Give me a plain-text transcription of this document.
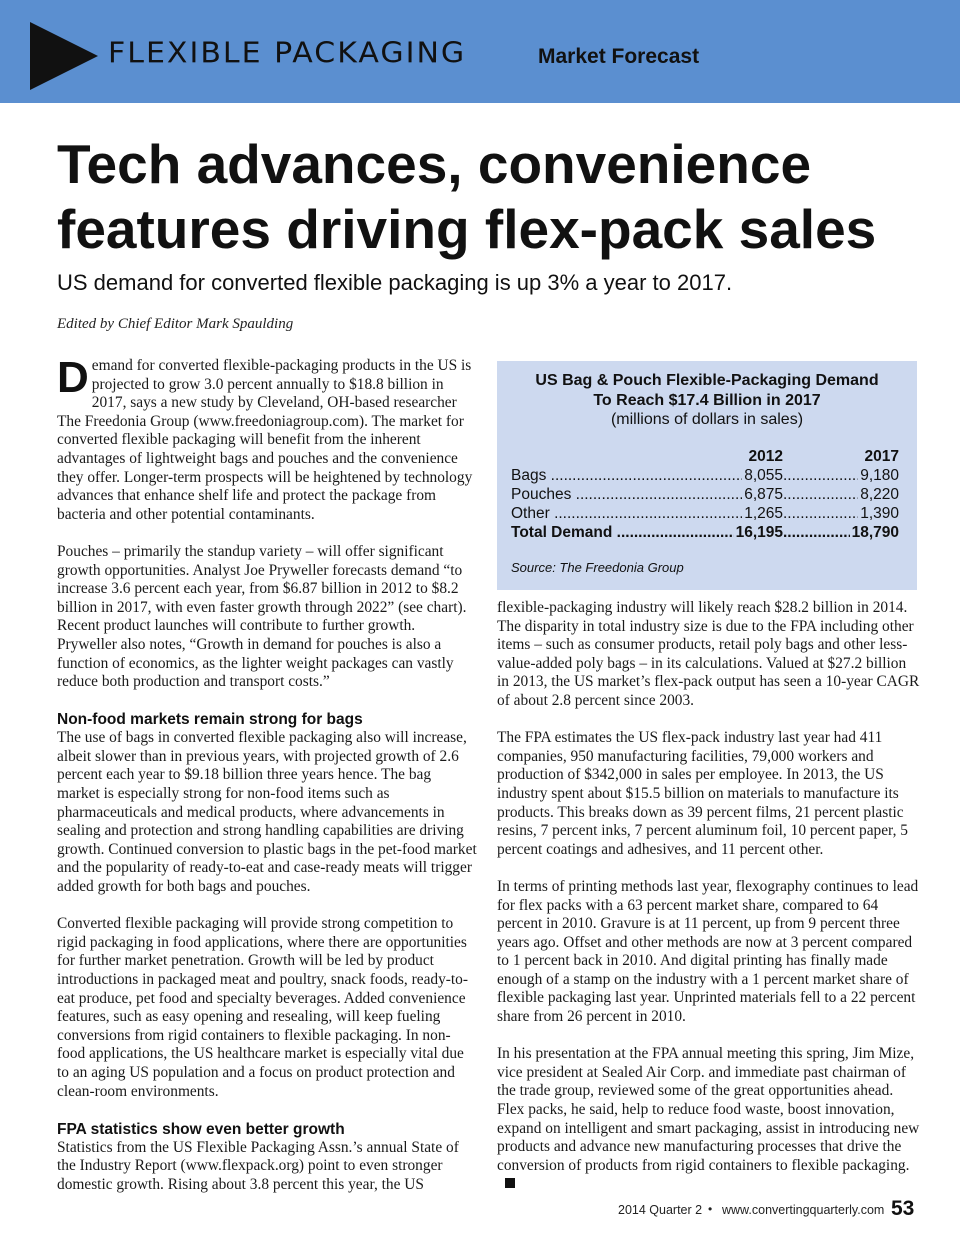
FLEXIBLE PACKAGING	Market Forecast
Tech advances, convenience features driving flex-pack sales

US demand for converted flexible packaging is up 3% a year to 2017.

Edited by Chief Editor Mark Spaulding

Demand for converted flexible-packaging products in the US is projected to grow 3.0 percent annually to $18.8 billion in 2017, says a new study by Cleveland, OH-based researcher The Freedonia Group (www.freedoniagroup.com). The market for converted flexible packaging will benefit from the inherent advantages of lightweight bags and pouches and the convenience they offer. Longer-term prospects will be heightened by technology advances that enhance shelf life and protect the package from bacteria and other potential contaminants.

Pouches – primarily the standup variety – will offer significant growth opportunities. Analyst Joe Pryweller forecasts demand “to increase 3.6 percent each year, from $6.87 billion in 2012 to $8.2 billion in 2017, with even faster growth through 2022” (see chart). Recent product launches will contribute to further growth. Pryweller also notes, “Growth in demand for pouches is also a function of economics, as the lighter weight packages can vastly reduce both production and transport costs.”

Non-food markets remain strong for bags

The use of bags in converted flexible packaging also will increase, albeit slower than in previous years, with projected growth of 2.6 percent each year to $9.18 billion three years hence. The bag market is especially strong for non-food items such as pharmaceuticals and medical products, where advancements in sealing and protection and strong handling capabilities are driving growth. Continued conversion to plastic bags in the pet-food market and the popularity of ready-to-eat and case-ready meats will trigger added growth for both bags and pouches.

Converted flexible packaging will provide strong competition to rigid packaging in food applications, where there are opportunities for further market penetration. Growth will be led by product introductions in packaged meat and poultry, snack foods, ready-to-eat produce, pet food and specialty beverages. Added convenience features, such as easy opening and resealing, will keep fueling conversions from rigid containers to flexible packaging. In non-food applications, the US healthcare market is especially vital due to an aging US population and a focus on product protection and clean-room environments.

FPA statistics show even better growth

Statistics from the US Flexible Packaging Assn.’s annual State of the Industry Report (www.flexpack.org) point to even stronger domestic growth. Rising about 3.8 percent this year, the US

US Bag & Pouch Flexible-Packaging Demand
To Reach $17.4 Billion in 2017
(millions of dollars in sales)
2012	2017
Bags .....	8,055 .....	9,180
Pouches .....	6,875 .....	8,220
Other .....	1,265 .....	1,390
Total Demand .....	16,195 .....	18,790
Source: The Freedonia Group

flexible-packaging industry will likely reach $28.2 billion in 2014. The disparity in total industry size is due to the FPA including other items – such as consumer products, retail poly bags and other less-value-added poly bags – in its calculations. Valued at $27.2 billion in 2013, the US market’s flex-pack output has seen a 10-year CAGR of about 2.8 percent since 2003.

The FPA estimates the US flex-pack industry last year had 411 companies, 950 manufacturing facilities, 79,000 workers and production of $342,000 in sales per employee. In 2013, the US industry spent about $15.5 billion on materials to manufacture its products. This breaks down as 39 percent films, 21 percent plastic resins, 7 percent inks, 7 percent aluminum foil, 10 percent paper, 5 percent coatings and adhesives, and 11 percent other.

In terms of printing methods last year, flexography continues to lead for flex packs with a 63 percent market share, compared to 64 percent in 2010. Gravure is at 11 percent, up from 9 percent three years ago. Offset and other methods are now at 3 percent compared to 1 percent back in 2010. And digital printing has finally made enough of a stamp on the industry with a 1 percent market share of flexible packaging last year. Unprinted materials fell to a 22 percent share from 26 percent in 2010.

In his presentation at the FPA annual meeting this spring, Jim Mize, vice president at Sealed Air Corp. and immediate past chairman of the trade group, reviewed some of the great opportunities ahead. Flex packs, he said, help to reduce food waste, boost innovation, expand on intelligent and smart packaging, assist in introducing new products and advance new manufacturing processes that drive the conversion of products from rigid containers to flexible packaging.

2014 Quarter 2 • www.convertingquarterly.com 53
